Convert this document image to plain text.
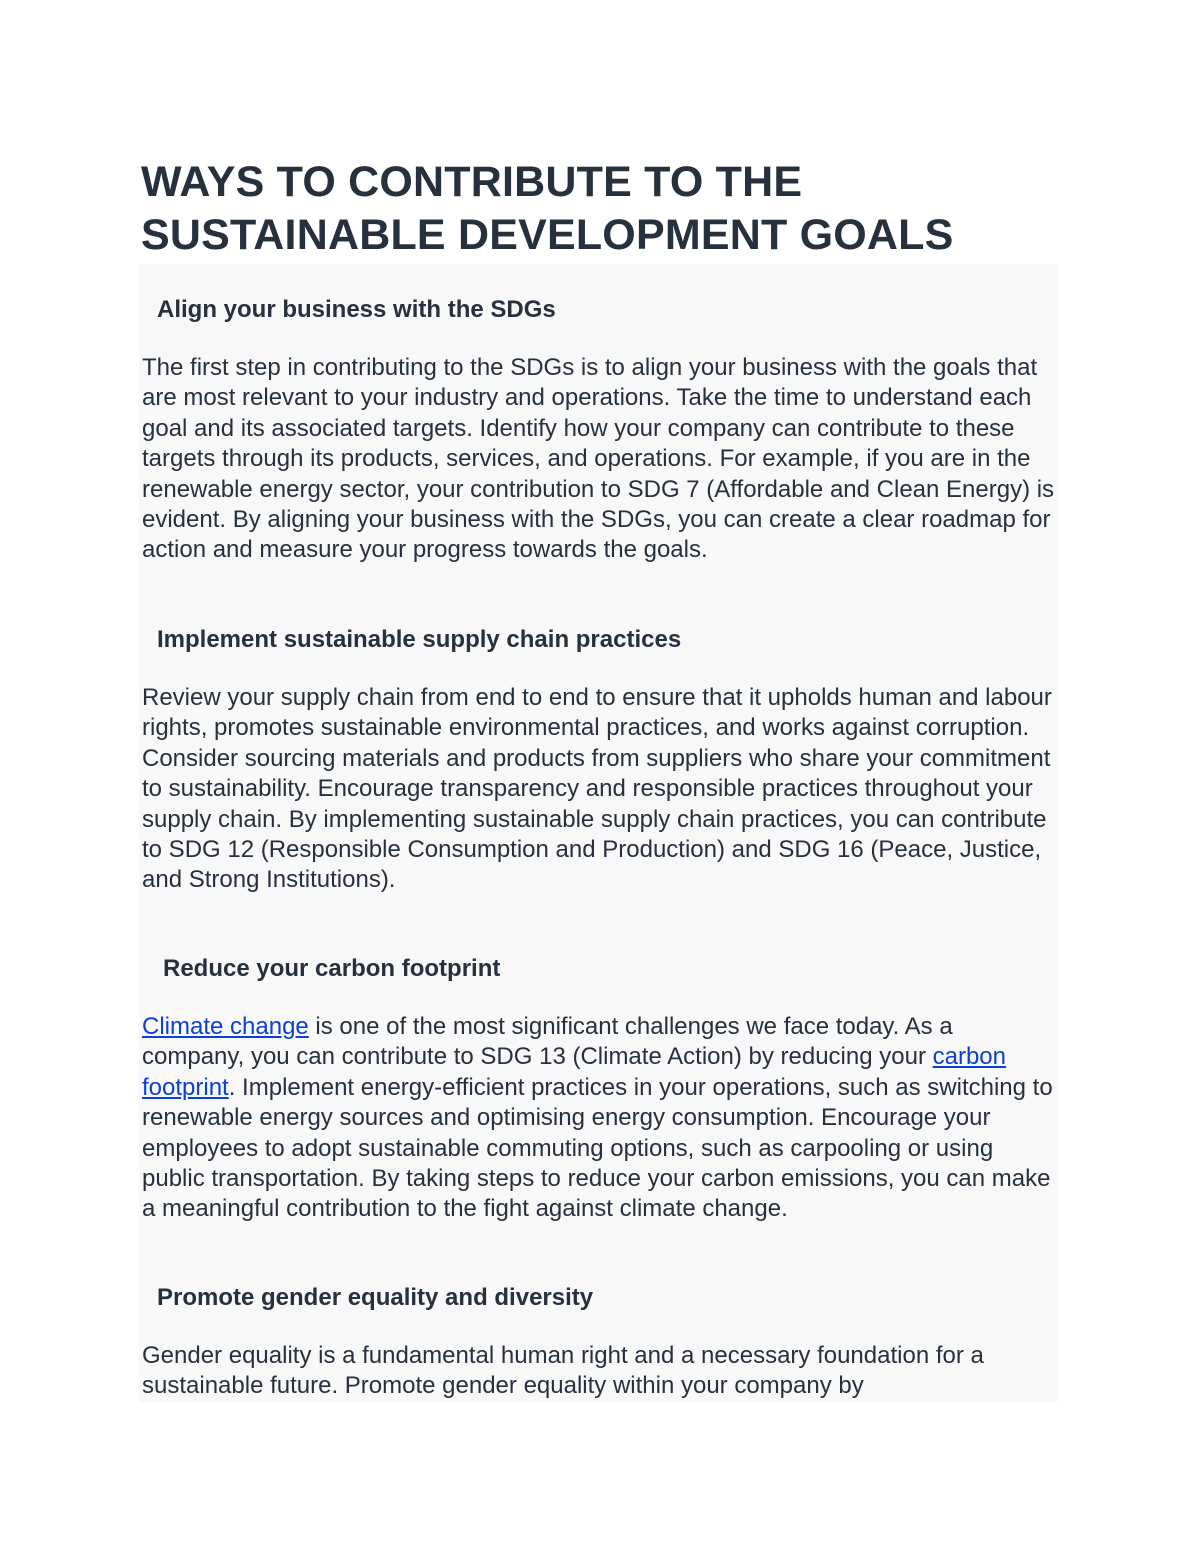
WAYS TO CONTRIBUTE TO THE SUSTAINABLE DEVELOPMENT GOALS
Align your business with the SDGs

The first step in contributing to the SDGs is to align your business with the goals that are most relevant to your industry and operations. Take the time to understand each goal and its associated targets. Identify how your company can contribute to these targets through its products, services, and operations. For example, if you are in the renewable energy sector, your contribution to SDG 7 (Affordable and Clean Energy) is evident. By aligning your business with the SDGs, you can create a clear roadmap for action and measure your progress towards the goals.

Implement sustainable supply chain practices

Review your supply chain from end to end to ensure that it upholds human and labour rights, promotes sustainable environmental practices, and works against corruption. Consider sourcing materials and products from suppliers who share your commitment to sustainability. Encourage transparency and responsible practices throughout your supply chain. By implementing sustainable supply chain practices, you can contribute to SDG 12 (Responsible Consumption and Production) and SDG 16 (Peace, Justice, and Strong Institutions).

Reduce your carbon footprint

Climate change is one of the most significant challenges we face today. As a company, you can contribute to SDG 13 (Climate Action) by reducing your carbon footprint. Implement energy-efficient practices in your operations, such as switching to renewable energy sources and optimising energy consumption. Encourage your employees to adopt sustainable commuting options, such as carpooling or using public transportation. By taking steps to reduce your carbon emissions, you can make a meaningful contribution to the fight against climate change.

Promote gender equality and diversity

Gender equality is a fundamental human right and a necessary foundation for a sustainable future. Promote gender equality within your company by
